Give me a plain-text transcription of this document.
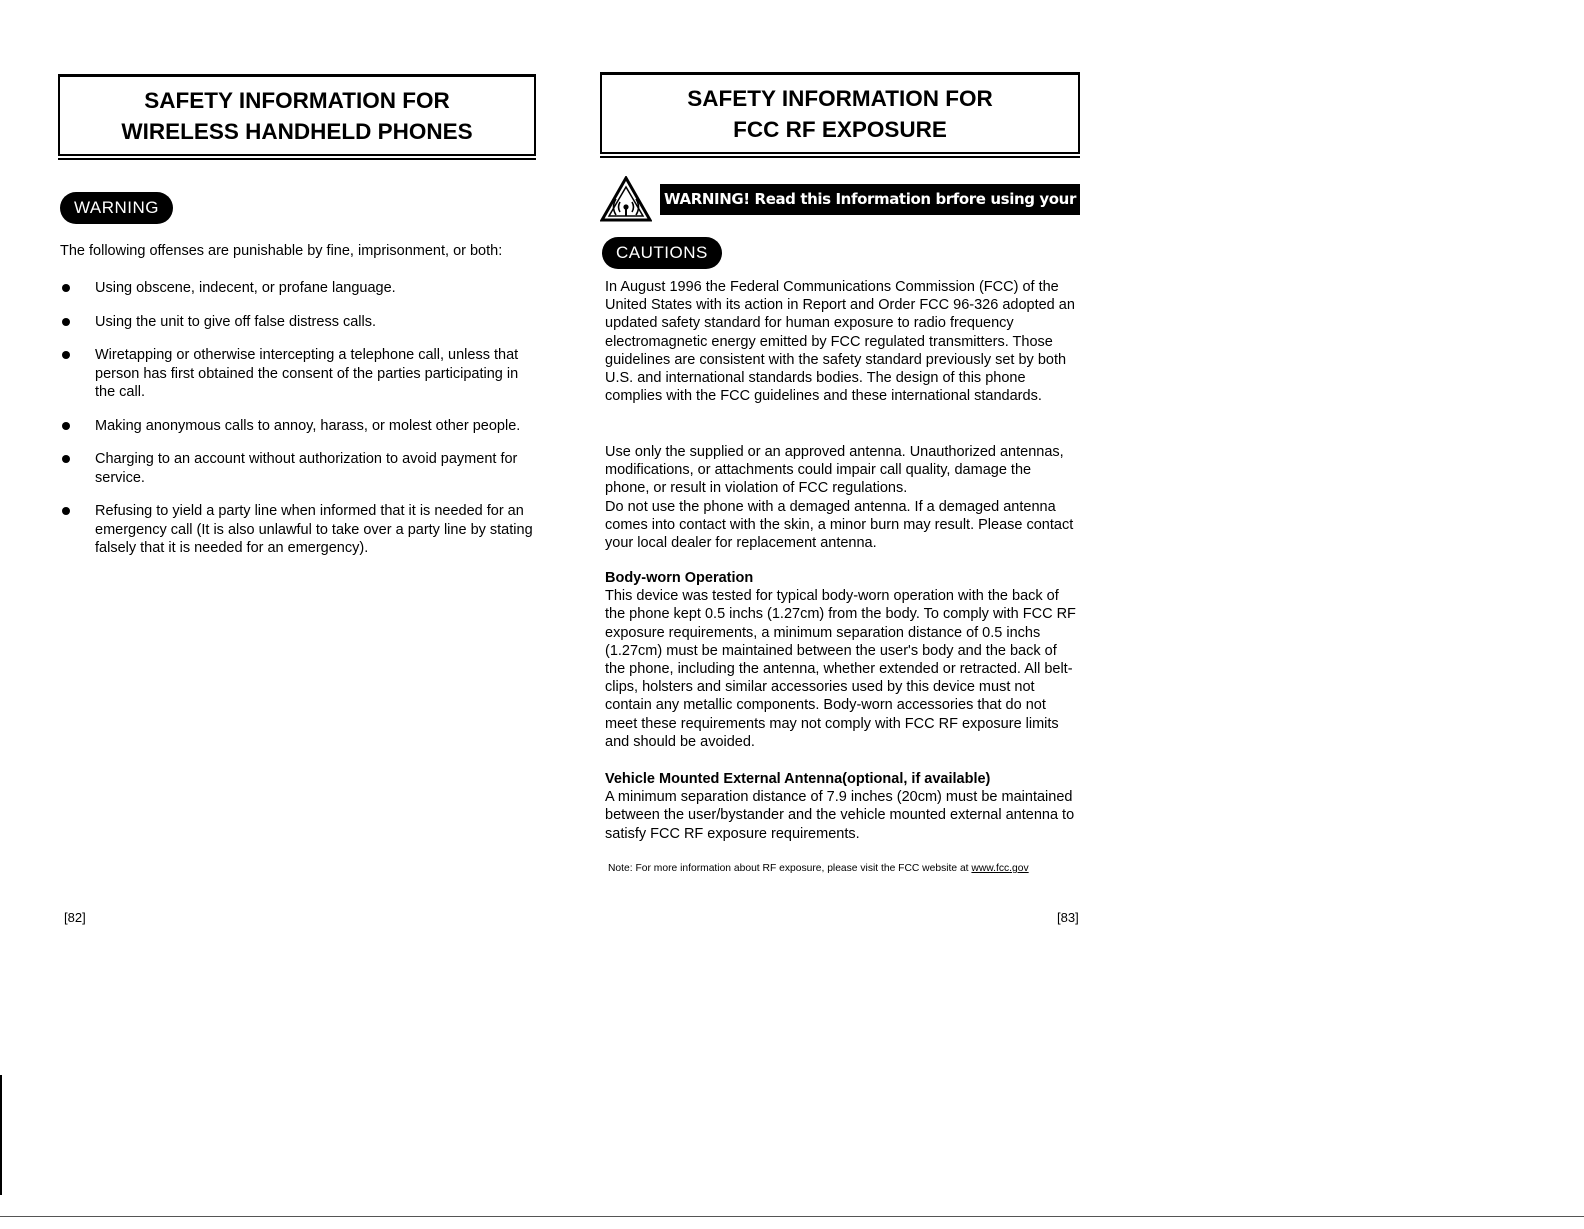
SAFETY INFORMATION FOR
WIRELESS HANDHELD PHONES
WARNING
The following offenses are punishable by fine, imprisonment, or both:
Using obscene, indecent, or profane language.
Using the unit to give off false distress calls.
Wiretapping or otherwise intercepting a telephone call, unless that person has first obtained the consent of the parties participating in the call.
Making anonymous calls to annoy, harass, or molest other people.
Charging to an account without authorization to avoid payment for service.
Refusing to yield a party line when informed that it is needed for an emergency call (It is also unlawful to take over a party line by stating falsely that it is needed for an emergency).
[82]
SAFETY INFORMATION FOR
FCC RF EXPOSURE
WARNING! Read this Information brfore using your phone
CAUTIONS

In August 1996 the Federal Communications Commission (FCC) of the United States with its action in Report and Order FCC 96-326 adopted an updated safety standard for human exposure to radio frequency electromagnetic energy emitted by FCC regulated transmitters. Those guidelines are consistent with the safety standard previously set by both U.S. and international standards bodies. The design of this phone complies with the FCC guidelines and these international standards.

Use only the supplied or an approved antenna. Unauthorized antennas, modifications, or attachments could impair call quality, damage the phone, or result in violation of FCC regulations.

Do not use the phone with a demaged antenna. If a demaged antenna comes into contact with the skin, a minor burn may result. Please contact your local dealer for replacement antenna.

Body-worn Operation

This device was tested for typical body-worn operation with the back of the phone kept 0.5 inchs (1.27cm) from the body. To comply with FCC RF exposure requirements, a minimum separation distance of 0.5 inchs (1.27cm) must be maintained between the user's body and the back of the phone, including the antenna, whether extended or retracted. All belt-clips, holsters and similar accessories used by this device must not contain any metallic components. Body-worn accessories that do not meet these requirements may not comply with FCC RF exposure limits and should be avoided.

Vehicle Mounted External Antenna(optional, if available)

A minimum separation distance of 7.9 inches (20cm) must be maintained between the user/bystander and the vehicle mounted external antenna to satisfy FCC RF exposure requirements.

Note: For more information about RF exposure, please visit the FCC website at www.fcc.gov
[83]
